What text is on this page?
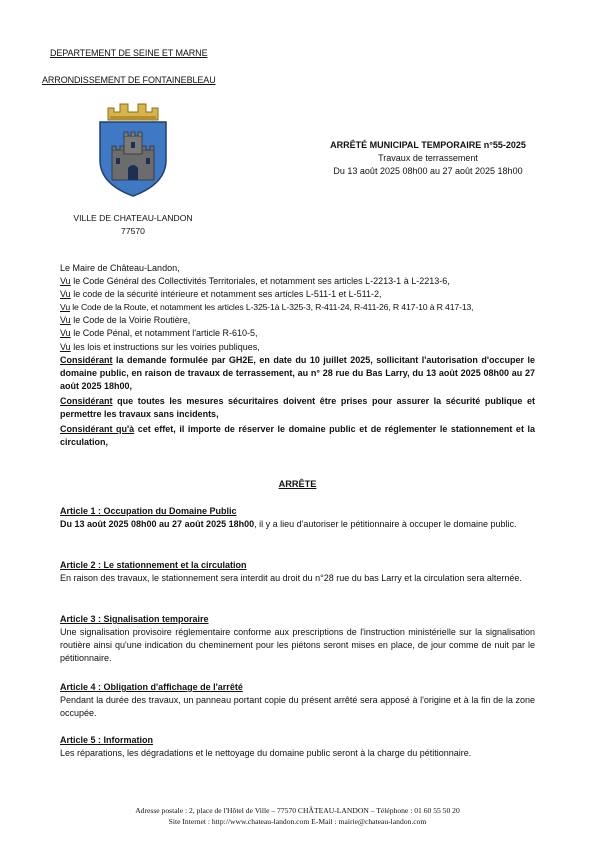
DEPARTEMENT DE SEINE ET MARNE
ARRONDISSEMENT DE FONTAINEBLEAU
VILLE DE CHATEAU-LANDON
77570
ARRÊTÉ MUNICIPAL TEMPORAIRE n°55-2025
Travaux de terrassement
Du 13 août 2025 08h00 au 27 août 2025 18h00

Le Maire de Château-Landon,

Vu le Code Général des Collectivités Territoriales, et notamment ses articles L-2213-1 à L-2213-6,

Vu le code de la sécurité intérieure et notamment ses articles L-511-1 et L-511-2,

Vu le Code de la Route, et notamment les articles L-325-1à L-325-3, R-411-24, R-411-26, R 417-10 à R 417-13,

Vu le Code de la Voirie Routière,

Vu le Code Pénal, et notamment l'article R-610-5,

Vu les lois et instructions sur les voiries publiques,

Considérant la demande formulée par GH2E, en date du 10 juillet 2025, sollicitant l'autorisation d'occuper le domaine public, en raison de travaux de terrassement, au n° 28 rue du Bas Larry, du 13 août 2025 08h00 au 27 août 2025 18h00,

Considérant que toutes les mesures sécuritaires doivent être prises pour assurer la sécurité publique et permettre les travaux sans incidents,

Considérant qu'à cet effet, il importe de réserver le domaine public et de réglementer le stationnement et la circulation,

ARRÊTE
Article 1 : Occupation du Domaine Public
Du 13 août 2025 08h00 au 27 août 2025 18h00, il y a lieu d'autoriser le pétitionnaire à occuper le domaine public.
Article 2 : Le stationnement et la circulation
En raison des travaux, le stationnement sera interdit au droit du n°28 rue du bas Larry et la circulation sera alternée.
Article 3 : Signalisation temporaire
Une signalisation provisoire réglementaire conforme aux prescriptions de l'instruction ministérielle sur la signalisation routière ainsi qu'une indication du cheminement pour les piétons seront mises en place, de jour comme de nuit par le pétitionnaire.
Article 4 : Obligation d'affichage de l'arrêté
Pendant la durée des travaux, un panneau portant copie du présent arrêté sera apposé à l'origine et à la fin de la zone occupée.
Article 5 : Information
Les réparations, les dégradations et le nettoyage du domaine public seront à la charge du pétitionnaire.
Adresse postale : 2, place de l'Hôtel de Ville – 77570 CHÂTEAU-LANDON – Téléphone : 01 60 55 50 20
Site Internet : http://www.chateau-landon.com E-Mail : mairie@chateau-landon.com
